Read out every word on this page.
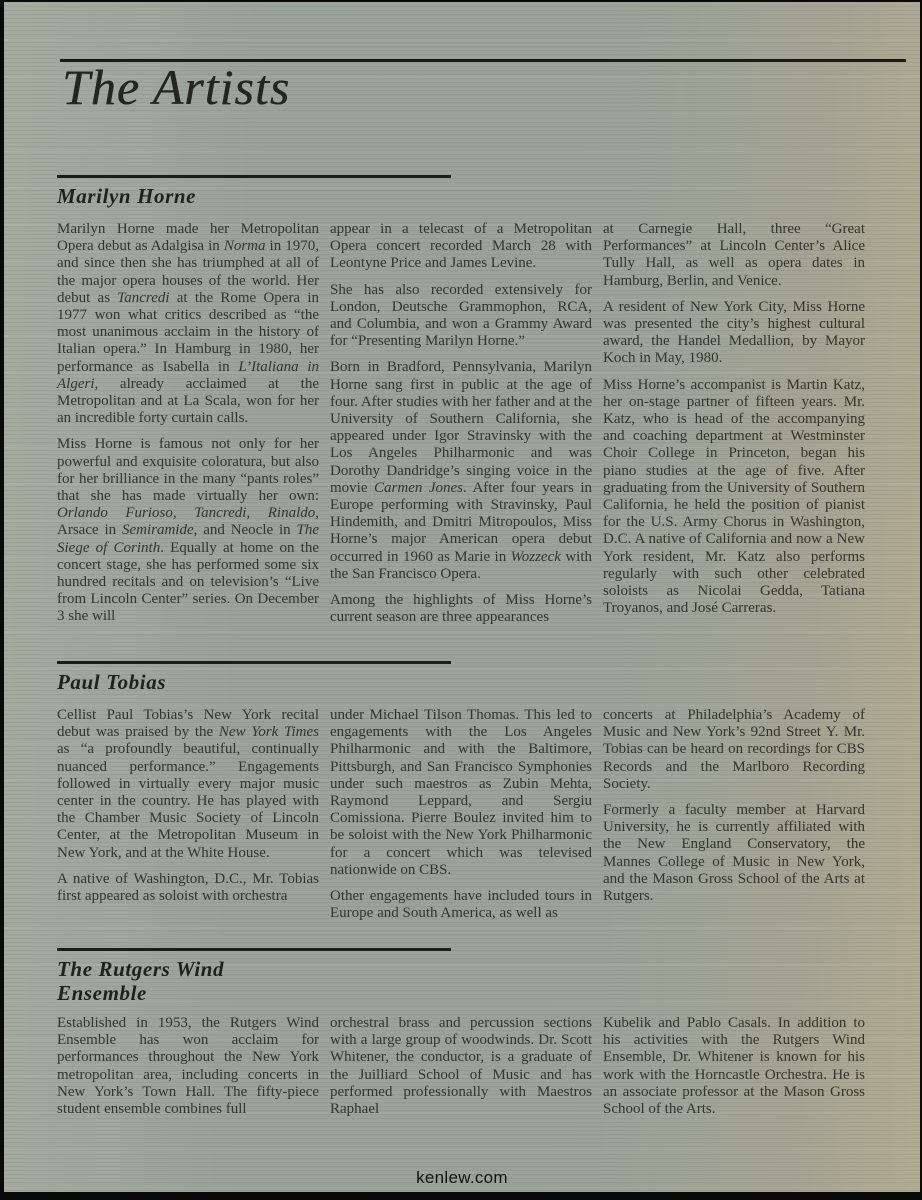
The Artists
Marilyn Horne

Marilyn Horne made her Metropolitan Opera debut as Adalgisa in Norma in 1970, and since then she has triumphed at all of the major opera houses of the world. Her debut as Tancredi at the Rome Opera in 1977 won what critics described as “the most unanimous acclaim in the history of Italian opera.” In Hamburg in 1980, her performance as Isabella in L’Italiana in Algeri, already acclaimed at the Metropolitan and at La Scala, won for her an incredible forty curtain calls.

Miss Horne is famous not only for her powerful and exquisite coloratura, but also for her brilliance in the many “pants roles” that she has made virtually her own: Orlando Furioso, Tancredi, Rinaldo, Arsace in Semiramide, and Neocle in The Siege of Corinth. Equally at home on the concert stage, she has performed some six hundred recitals and on television’s “Live from Lincoln Center” series. On December 3 she will

appear in a telecast of a Metropolitan Opera concert recorded March 28 with Leontyne Price and James Levine.

She has also recorded extensively for London, Deutsche Grammophon, RCA, and Columbia, and won a Grammy Award for “Presenting Marilyn Horne.”

Born in Bradford, Pennsylvania, Marilyn Horne sang first in public at the age of four. After studies with her father and at the University of Southern California, she appeared under Igor Stravinsky with the Los Angeles Philharmonic and was Dorothy Dandridge’s singing voice in the movie Carmen Jones. After four years in Europe performing with Stravinsky, Paul Hindemith, and Dmitri Mitropoulos, Miss Horne’s major American opera debut occurred in 1960 as Marie in Wozzeck with the San Francisco Opera.

Among the highlights of Miss Horne’s current season are three appearances

at Carnegie Hall, three “Great Performances” at Lincoln Center’s Alice Tully Hall, as well as opera dates in Hamburg, Berlin, and Venice.

A resident of New York City, Miss Horne was presented the city’s highest cultural award, the Handel Medallion, by Mayor Koch in May, 1980.

Miss Horne’s accompanist is Martin Katz, her on-stage partner of fifteen years. Mr. Katz, who is head of the accompanying and coaching department at Westminster Choir College in Princeton, began his piano studies at the age of five. After graduating from the University of Southern California, he held the position of pianist for the U.S. Army Chorus in Washington, D.C. A native of California and now a New York resident, Mr. Katz also performs regularly with such other celebrated soloists as Nicolai Gedda, Tatiana Troyanos, and José Carreras.

Paul Tobias

Cellist Paul Tobias’s New York recital debut was praised by the New York Times as “a profoundly beautiful, continually nuanced performance.” Engagements followed in virtually every major music center in the country. He has played with the Chamber Music Society of Lincoln Center, at the Metropolitan Museum in New York, and at the White House.

A native of Washington, D.C., Mr. Tobias first appeared as soloist with orchestra

under Michael Tilson Thomas. This led to engagements with the Los Angeles Philharmonic and with the Baltimore, Pittsburgh, and San Francisco Symphonies under such maestros as Zubin Mehta, Raymond Leppard, and Sergiu Comissiona. Pierre Boulez invited him to be soloist with the New York Philharmonic for a concert which was televised nationwide on CBS.

Other engagements have included tours in Europe and South America, as well as

concerts at Philadelphia’s Academy of Music and New York’s 92nd Street Y. Mr. Tobias can be heard on recordings for CBS Records and the Marlboro Recording Society.

Formerly a faculty member at Harvard University, he is currently affiliated with the New England Conservatory, the Mannes College of Music in New York, and the Mason Gross School of the Arts at Rutgers.

The Rutgers Wind Ensemble

Established in 1953, the Rutgers Wind Ensemble has won acclaim for performances throughout the New York metropolitan area, including concerts in New York’s Town Hall. The fifty-piece student ensemble combines full

orchestral brass and percussion sections with a large group of woodwinds. Dr. Scott Whitener, the conductor, is a graduate of the Juilliard School of Music and has performed professionally with Maestros Raphael

Kubelik and Pablo Casals. In addition to his activities with the Rutgers Wind Ensemble, Dr. Whitener is known for his work with the Horncastle Orchestra. He is an associate professor at the Mason Gross School of the Arts.

kenlew.com
